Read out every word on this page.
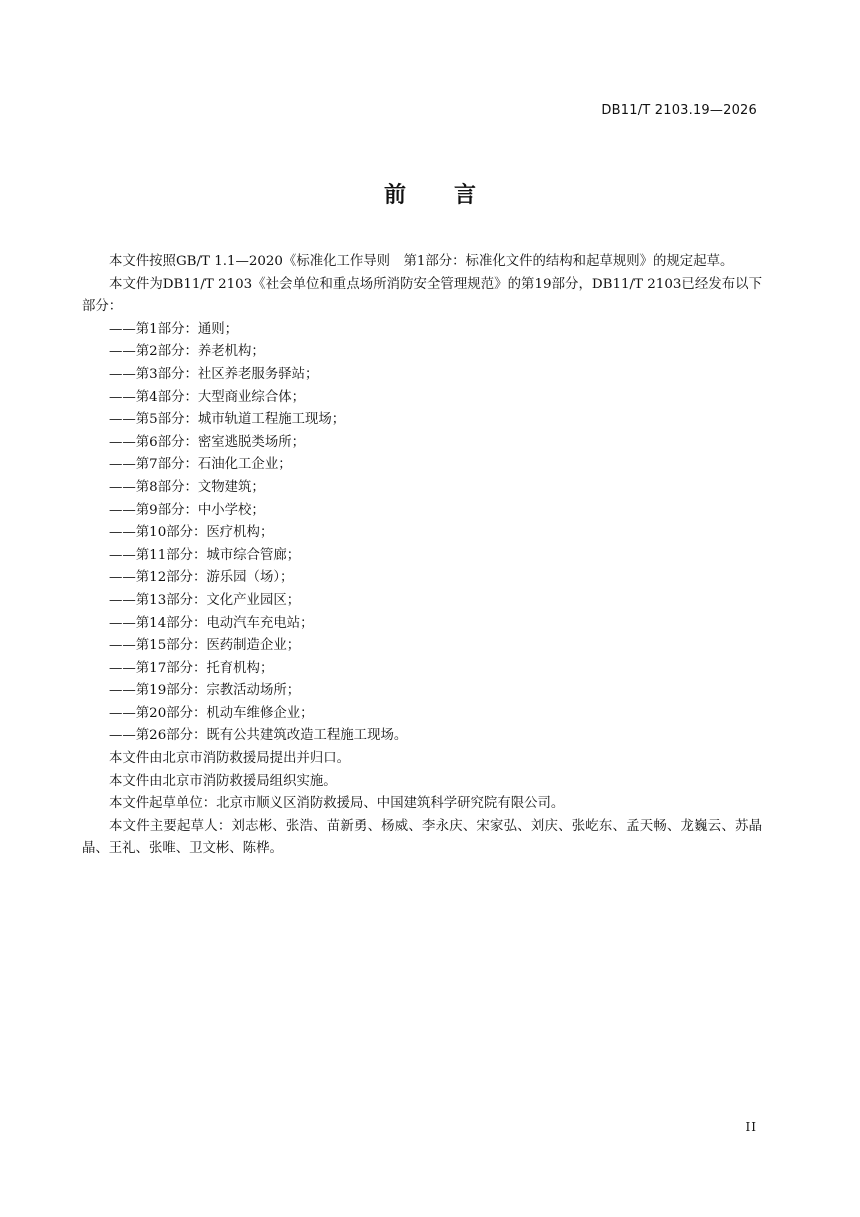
DB11/T 2103.19—2026
前 言

本文件按照GB/T 1.1—2020《标准化工作导则　第1部分：标准化文件的结构和起草规则》的规定起草。

本文件为DB11/T 2103《社会单位和重点场所消防安全管理规范》的第19部分，DB11/T 2103已经发布以下部分：

——第1部分：通则；

——第2部分：养老机构；

——第3部分：社区养老服务驿站；

——第4部分：大型商业综合体；

——第5部分：城市轨道工程施工现场；

——第6部分：密室逃脱类场所；

——第7部分：石油化工企业；

——第8部分：文物建筑；

——第9部分：中小学校；

——第10部分：医疗机构；

——第11部分：城市综合管廊；

——第12部分：游乐园（场）；

——第13部分：文化产业园区；

——第14部分：电动汽车充电站；

——第15部分：医药制造企业；

——第17部分：托育机构；

——第19部分：宗教活动场所；

——第20部分：机动车维修企业；

——第26部分：既有公共建筑改造工程施工现场。

本文件由北京市消防救援局提出并归口。

本文件由北京市消防救援局组织实施。

本文件起草单位：北京市顺义区消防救援局、中国建筑科学研究院有限公司。

本文件主要起草人：刘志彬、张浩、苗新勇、杨威、李永庆、宋家弘、刘庆、张屹东、孟天畅、龙巍云、苏晶晶、王礼、张唯、卫文彬、陈桦。

II
